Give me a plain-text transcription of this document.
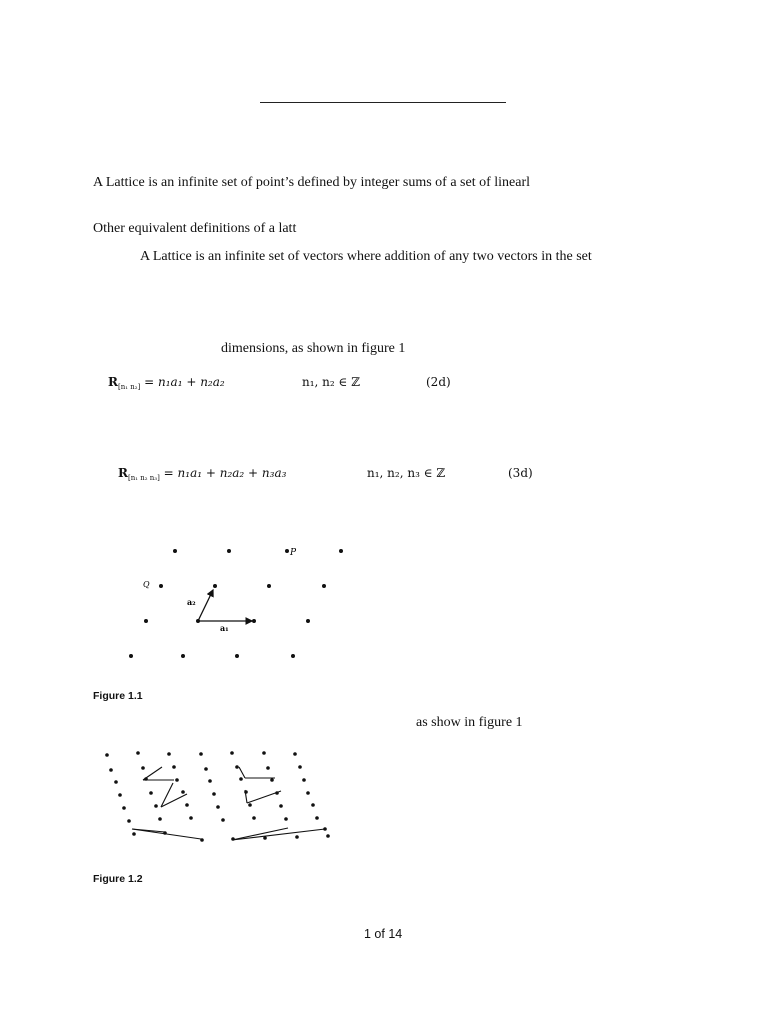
A Lattice is an infinite set of point’s defined by integer sums of a set of linearl
Other equivalent definitions of a latt
A Lattice is an infinite set of vectors where addition of any two vectors in the set
dimensions, as shown in figure 1
$R_{[n_1 n_2]} = n_1a_1 + n_2a_2$	n₁, n₂ ∈ ℤ	(2d)
$R_{[n_1 n_2 n_3]} = n_1a_1 + n_2a_2 + n_3a_3$	n₁, n₂, n₃ ∈ ℤ	(3d)
P
Q
a₁
a₂
Figure 1.1
as show in figure 1
Figure 1.2
1 of 14
